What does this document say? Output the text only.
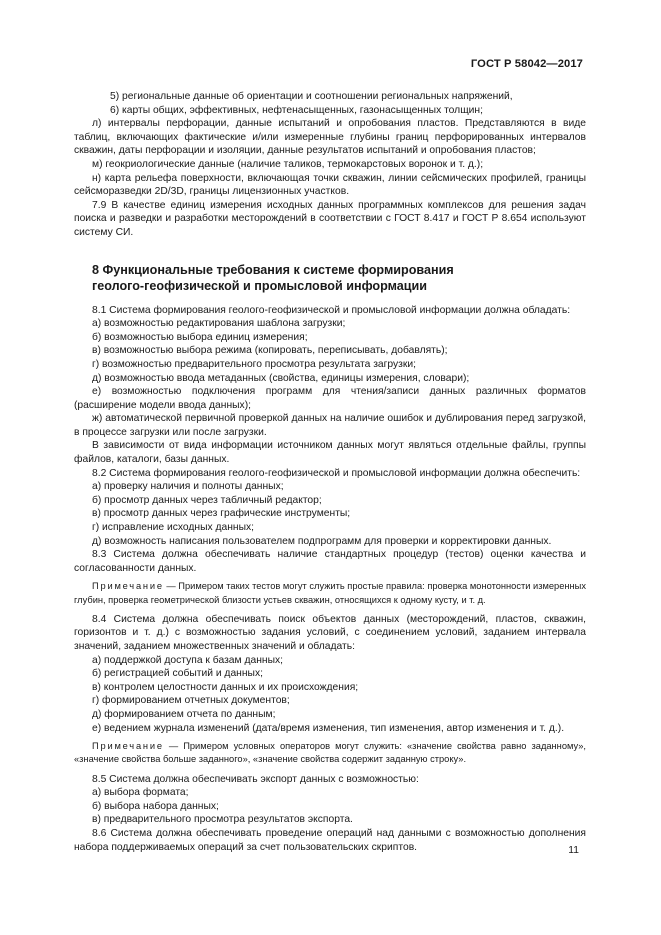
ГОСТ Р 58042—2017

5) региональные данные об ориентации и соотношении региональных напряжений,

6) карты общих, эффективных, нефтенасыщенных, газонасыщенных толщин;

л) интервалы перфорации, данные испытаний и опробования пластов. Представляются в виде таблиц, включающих фактические и/или измеренные глубины границ перфорированных интервалов скважин, даты перфорации и изоляции, данные результатов испытаний и опробования пластов;

м) геокриологические данные (наличие таликов, термокарстовых воронок и т. д.);

н) карта рельефа поверхности, включающая точки скважин, линии сейсмических профилей, границы сейсморазведки 2D/3D, границы лицензионных участков.

7.9 В качестве единиц измерения исходных данных программных комплексов для решения задач поиска и разведки и разработки месторождений в соответствии с ГОСТ 8.417 и ГОСТ Р 8.654 используют систему СИ.

8 Функциональные требования к системе формирования
геолого-геофизической и промысловой информации

8.1 Система формирования геолого-геофизической и промысловой информации должна обладать:

а) возможностью редактирования шаблона загрузки;

б) возможностью выбора единиц измерения;

в) возможностью выбора режима (копировать, переписывать, добавлять);

г) возможностью предварительного просмотра результата загрузки;

д) возможностью ввода метаданных (свойства, единицы измерения, словари);

е) возможностью подключения программ для чтения/записи данных различных форматов (расширение модели ввода данных);

ж) автоматической первичной проверкой данных на наличие ошибок и дублирования перед загрузкой, в процессе загрузки или после загрузки.

В зависимости от вида информации источником данных могут являться отдельные файлы, группы файлов, каталоги, базы данных.

8.2 Система формирования геолого-геофизической и промысловой информации должна обеспечить:

а) проверку наличия и полноты данных;

б) просмотр данных через табличный редактор;

в) просмотр данных через графические инструменты;

г) исправление исходных данных;

д) возможность написания пользователем подпрограмм для проверки и корректировки данных.

8.3 Система должна обеспечивать наличие стандартных процедур (тестов) оценки качества и согласованности данных.

Примечание — Примером таких тестов могут служить простые правила: проверка монотонности измеренных глубин, проверка геометрической близости устьев скважин, относящихся к одному кусту, и т. д.

8.4 Система должна обеспечивать поиск объектов данных (месторождений, пластов, скважин, горизонтов и т. д.) с возможностью задания условий, с соединением условий, заданием интервала значений, заданием множественных значений и обладать:

а) поддержкой доступа к базам данных;

б) регистрацией событий и данных;

в) контролем целостности данных и их происхождения;

г) формированием отчетных документов;

д) формированием отчета по данным;

е) ведением журнала изменений (дата/время изменения, тип изменения, автор изменения и т. д.).

Примечание — Примером условных операторов могут служить: «значение свойства равно заданному», «значение свойства больше заданного», «значение свойства содержит заданную строку».

8.5 Система должна обеспечивать экспорт данных с возможностью:

а) выбора формата;

б) выбора набора данных;

в) предварительного просмотра результатов экспорта.

8.6 Система должна обеспечивать проведение операций над данными с возможностью дополнения набора поддерживаемых операций за счет пользовательских скриптов.	11
